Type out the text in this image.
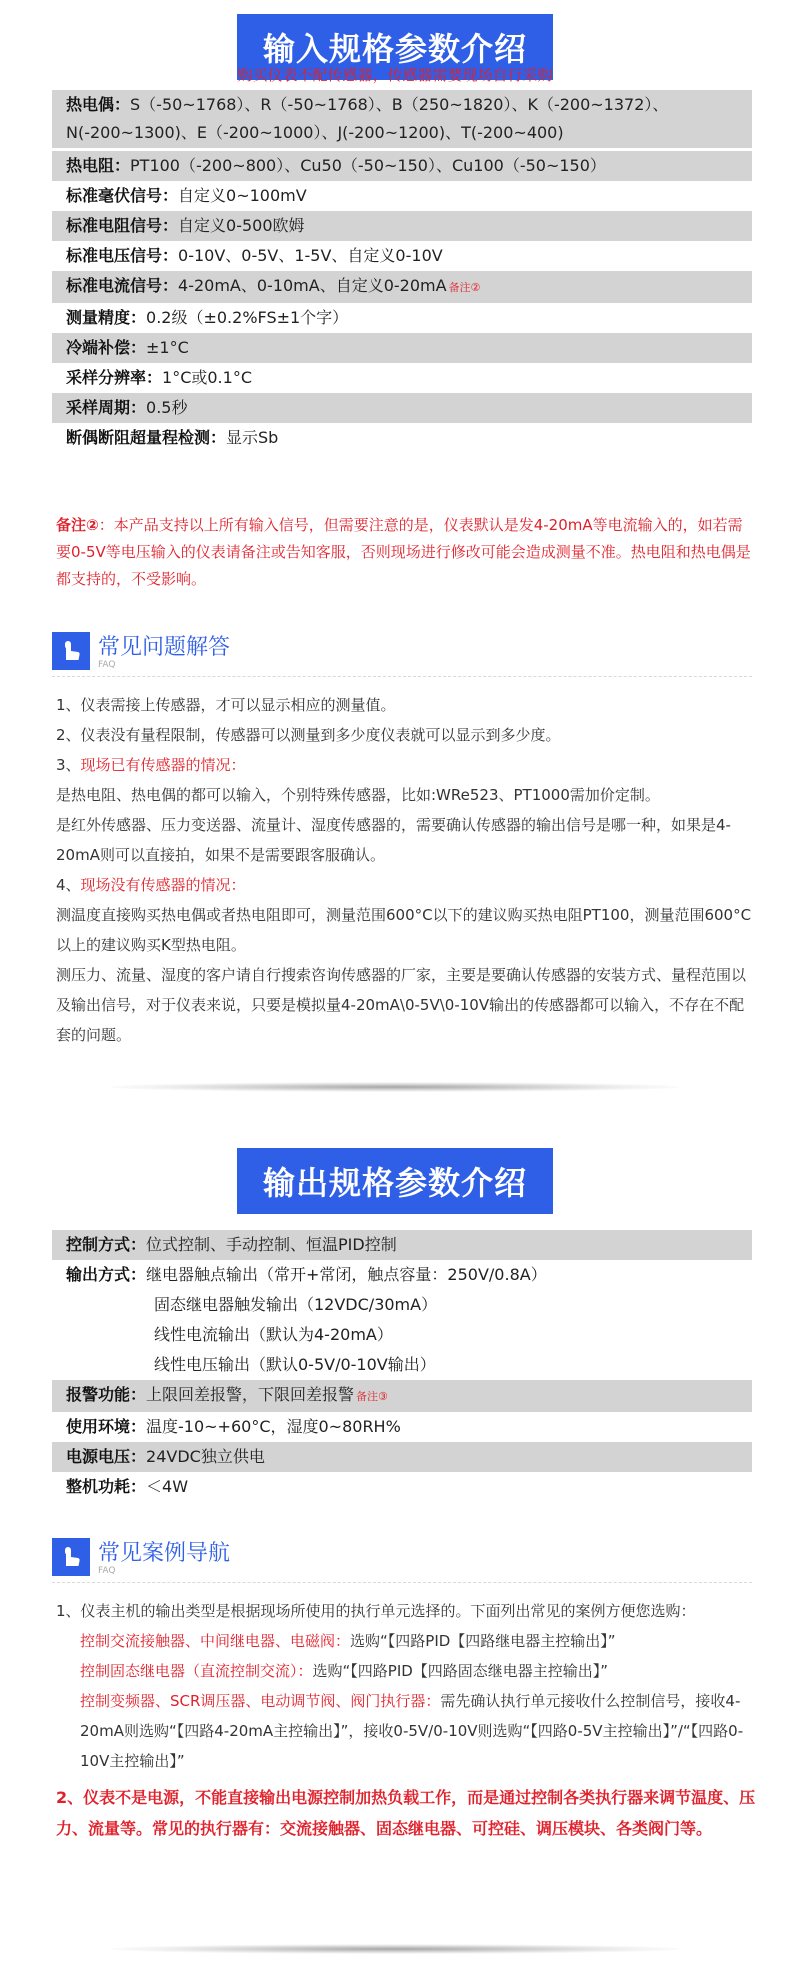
输入规格参数介绍
购买仪表不配传感器，传感器需要现场自行采购
热电偶：S（-50~1768）、R（-50~1768）、B（250~1820）、K（-200~1372）、
N(-200~1300)、E（-200~1000）、J(-200~1200)、T(-200~400)
热电阻：PT100（-200~800）、Cu50（-50~150）、Cu100（-50~150）
标准毫伏信号：自定义0~100mV
标准电阻信号：自定义0-500欧姆
标准电压信号：0-10V、0-5V、1-5V、自定义0-10V
标准电流信号：4-20mA、0-10mA、自定义0-20mA 备注②
测量精度：0.2级（±0.2%FS±1个字）
冷端补偿：±1°C
采样分辨率：1°C或0.1°C
采样周期：0.5秒
断偶断阻超量程检测：显示Sb
备注②：本产品支持以上所有输入信号，但需要注意的是，仪表默认是发4-20mA等电流输入的，如若需要0-5V等电压输入的仪表请备注或告知客服，否则现场进行修改可能会造成测量不准。热电阻和热电偶是都支持的，不受影响。
常见问题解答
FAQ
1、仪表需接上传感器，才可以显示相应的测量值。
2、仪表没有量程限制，传感器可以测量到多少度仪表就可以显示到多少度。
3、现场已有传感器的情况：
是热电阻、热电偶的都可以输入，个别特殊传感器，比如:WRe523、PT1000需加价定制。
是红外传感器、压力变送器、流量计、湿度传感器的，需要确认传感器的输出信号是哪一种，如果是4-20mA则可以直接拍，如果不是需要跟客服确认。
4、现场没有传感器的情况：
测温度直接购买热电偶或者热电阻即可，测量范围600°C以下的建议购买热电阻PT100，测量范围600°C以上的建议购买K型热电阻。
测压力、流量、湿度的客户请自行搜索咨询传感器的厂家，主要是要确认传感器的安装方式、量程范围以及输出信号，对于仪表来说，只要是模拟量4-20mA\0-5V\0-10V输出的传感器都可以输入，不存在不配套的问题。
输出规格参数介绍
控制方式：位式控制、手动控制、恒温PID控制
输出方式：继电器触点输出（常开+常闭，触点容量：250V/0.8A）
固态继电器触发输出（12VDC/30mA）
线性电流输出（默认为4-20mA）
线性电压输出（默认0-5V/0-10V输出）
报警功能：上限回差报警，下限回差报警 备注③
使用环境：温度-10~+60°C，湿度0~80RH%
电源电压：24VDC独立供电
整机功耗：＜4W
常见案例导航
FAQ
1、仪表主机的输出类型是根据现场所使用的执行单元选择的。下面列出常见的案例方便您选购：
控制交流接触器、中间继电器、电磁阀：选购“【四路PID【四路继电器主控输出】”
控制固态继电器（直流控制交流）：选购“【四路PID【四路固态继电器主控输出】”
控制变频器、SCR调压器、电动调节阀、阀门执行器：需先确认执行单元接收什么控制信号，接收4-20mA则选购“【四路4-20mA主控输出】”，接收0-5V/0-10V则选购“【四路0-5V主控输出】”/“【四路0-10V主控输出】”
2、仪表不是电源，不能直接输出电源控制加热负载工作，而是通过控制各类执行器来调节温度、压力、流量等。常见的执行器有：交流接触器、固态继电器、可控硅、调压模块、各类阀门等。
